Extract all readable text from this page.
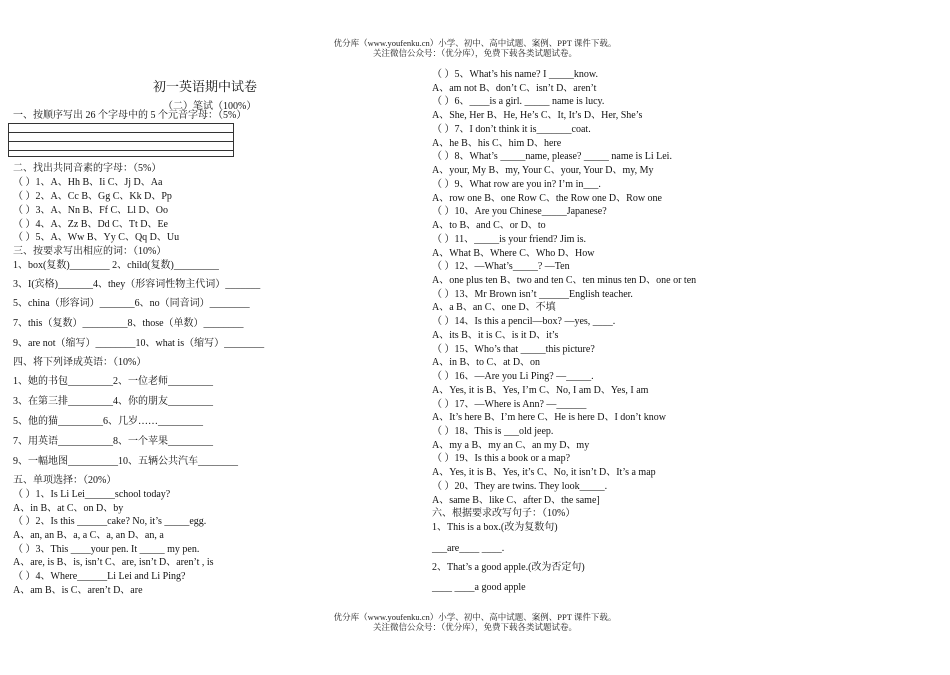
优分库（www.youfenku.cn）小学、初中、高中试题、案例、PPT 课件下载。
关注微信公众号：（优分库），免费下载各类试题试卷。
初一英语期中试卷
（二）笔试（100%）
一、按顺序写出 26 个字母中的 5 个元音字母：（5%）
二、找出共同音素的字母：（5%）
（ ）1、A、Hh B、Ii C、Jj D、Aa
（ ）2、A、Cc B、Gg C、Kk D、Pp
（ ）3、A、Nn B、Ff C、Ll D、Oo
（ ）4、A、Zz B、Dd C、Tt D、Ee
（ ）5、A、Ww B、Yy C、Qq D、Uu
三、按要求写出相应的词：（10%）
1、box(复数)________ 2、child(复数)_________
3、I(宾格)_______4、they（形容词性物主代词）_______
5、china（形容词）_______6、no（同音词）________
7、this（复数）_________8、those（单数）________
9、are not（缩写）________10、what is（缩写）________
四、将下列译成英语：（10%）
1、她的书包_________2、一位老师_________
3、在第三排_________4、你的朋友_________
5、他的猫_________6、几岁……_________
7、用英语___________8、一个苹果_________
9、一幅地图__________10、五辆公共汽车________
五、单项选择：（20%）
（ ）1、Is Li Lei______school today?
A、in B、at C、on D、by
（ ）2、Is this ______cake? No, it’s _____egg.
A、an, an B、a, a C、a, an D、an, a
（ ）3、This ____your pen. It _____ my pen.
A、are, is B、is, isn’t C、are, isn’t D、aren’t , is
（ ）4、Where______Li Lei and Li Ping?
A、am B、is C、aren’t D、are
（ ）5、What’s his name? I _____know.
A、am not B、don’t C、isn’t D、aren’t
（ ）6、____is a girl. _____ name is lucy.
A、She, Her B、He, He’s C、It, It’s D、Her, She’s
（ ）7、I don’t think it is_______coat.
A、he B、his C、him D、here
（ ）8、What’s _____name, please? _____ name is Li Lei.
A、your, My B、my, Your C、your, Your D、my, My
（ ）9、What row are you in? I’m in___.
A、row one B、one Row C、the Row one D、Row one
（ ）10、Are you Chinese_____Japanese?
A、to B、and C、or D、to
（ ）11、_____is your friend? Jim is.
A、What B、Where C、Who D、How
（ ）12、—What’s_____? —Ten
A、one plus ten B、two and ten C、ten minus ten D、one or ten
（ ）13、Mr Brown isn’t ______English teacher.
A、a B、an C、one D、不填
（ ）14、Is this a pencil—box? —yes, ____.
A、its B、it is C、is it D、it’s
（ ）15、Who’s that _____this picture?
A、in B、to C、at D、on
（ ）16、—Are you Li Ping? —_____.
A、Yes, it is B、Yes, I’m C、No, I am D、Yes, I am
（ ）17、—Where is Ann? —______
A、It’s here B、I’m here C、He is here D、I don’t know
（ ）18、This is ___old jeep.
A、my a B、my an C、an my D、my
（ ）19、Is this a book or a map?
A、Yes, it is B、Yes, it’s C、No, it isn’t D、It’s a map
（ ）20、They are twins. They look_____.
A、same B、like C、after D、the same]
六、根据要求改写句子：（10%）
1、This is a box.(改为复数句)
___are____ ____.
2、That’s a good apple.(改为否定句)
____ ____a good apple
优分库（www.youfenku.cn）小学、初中、高中试题、案例、PPT 课件下载。
关注微信公众号：（优分库），免费下载各类试题试卷。
